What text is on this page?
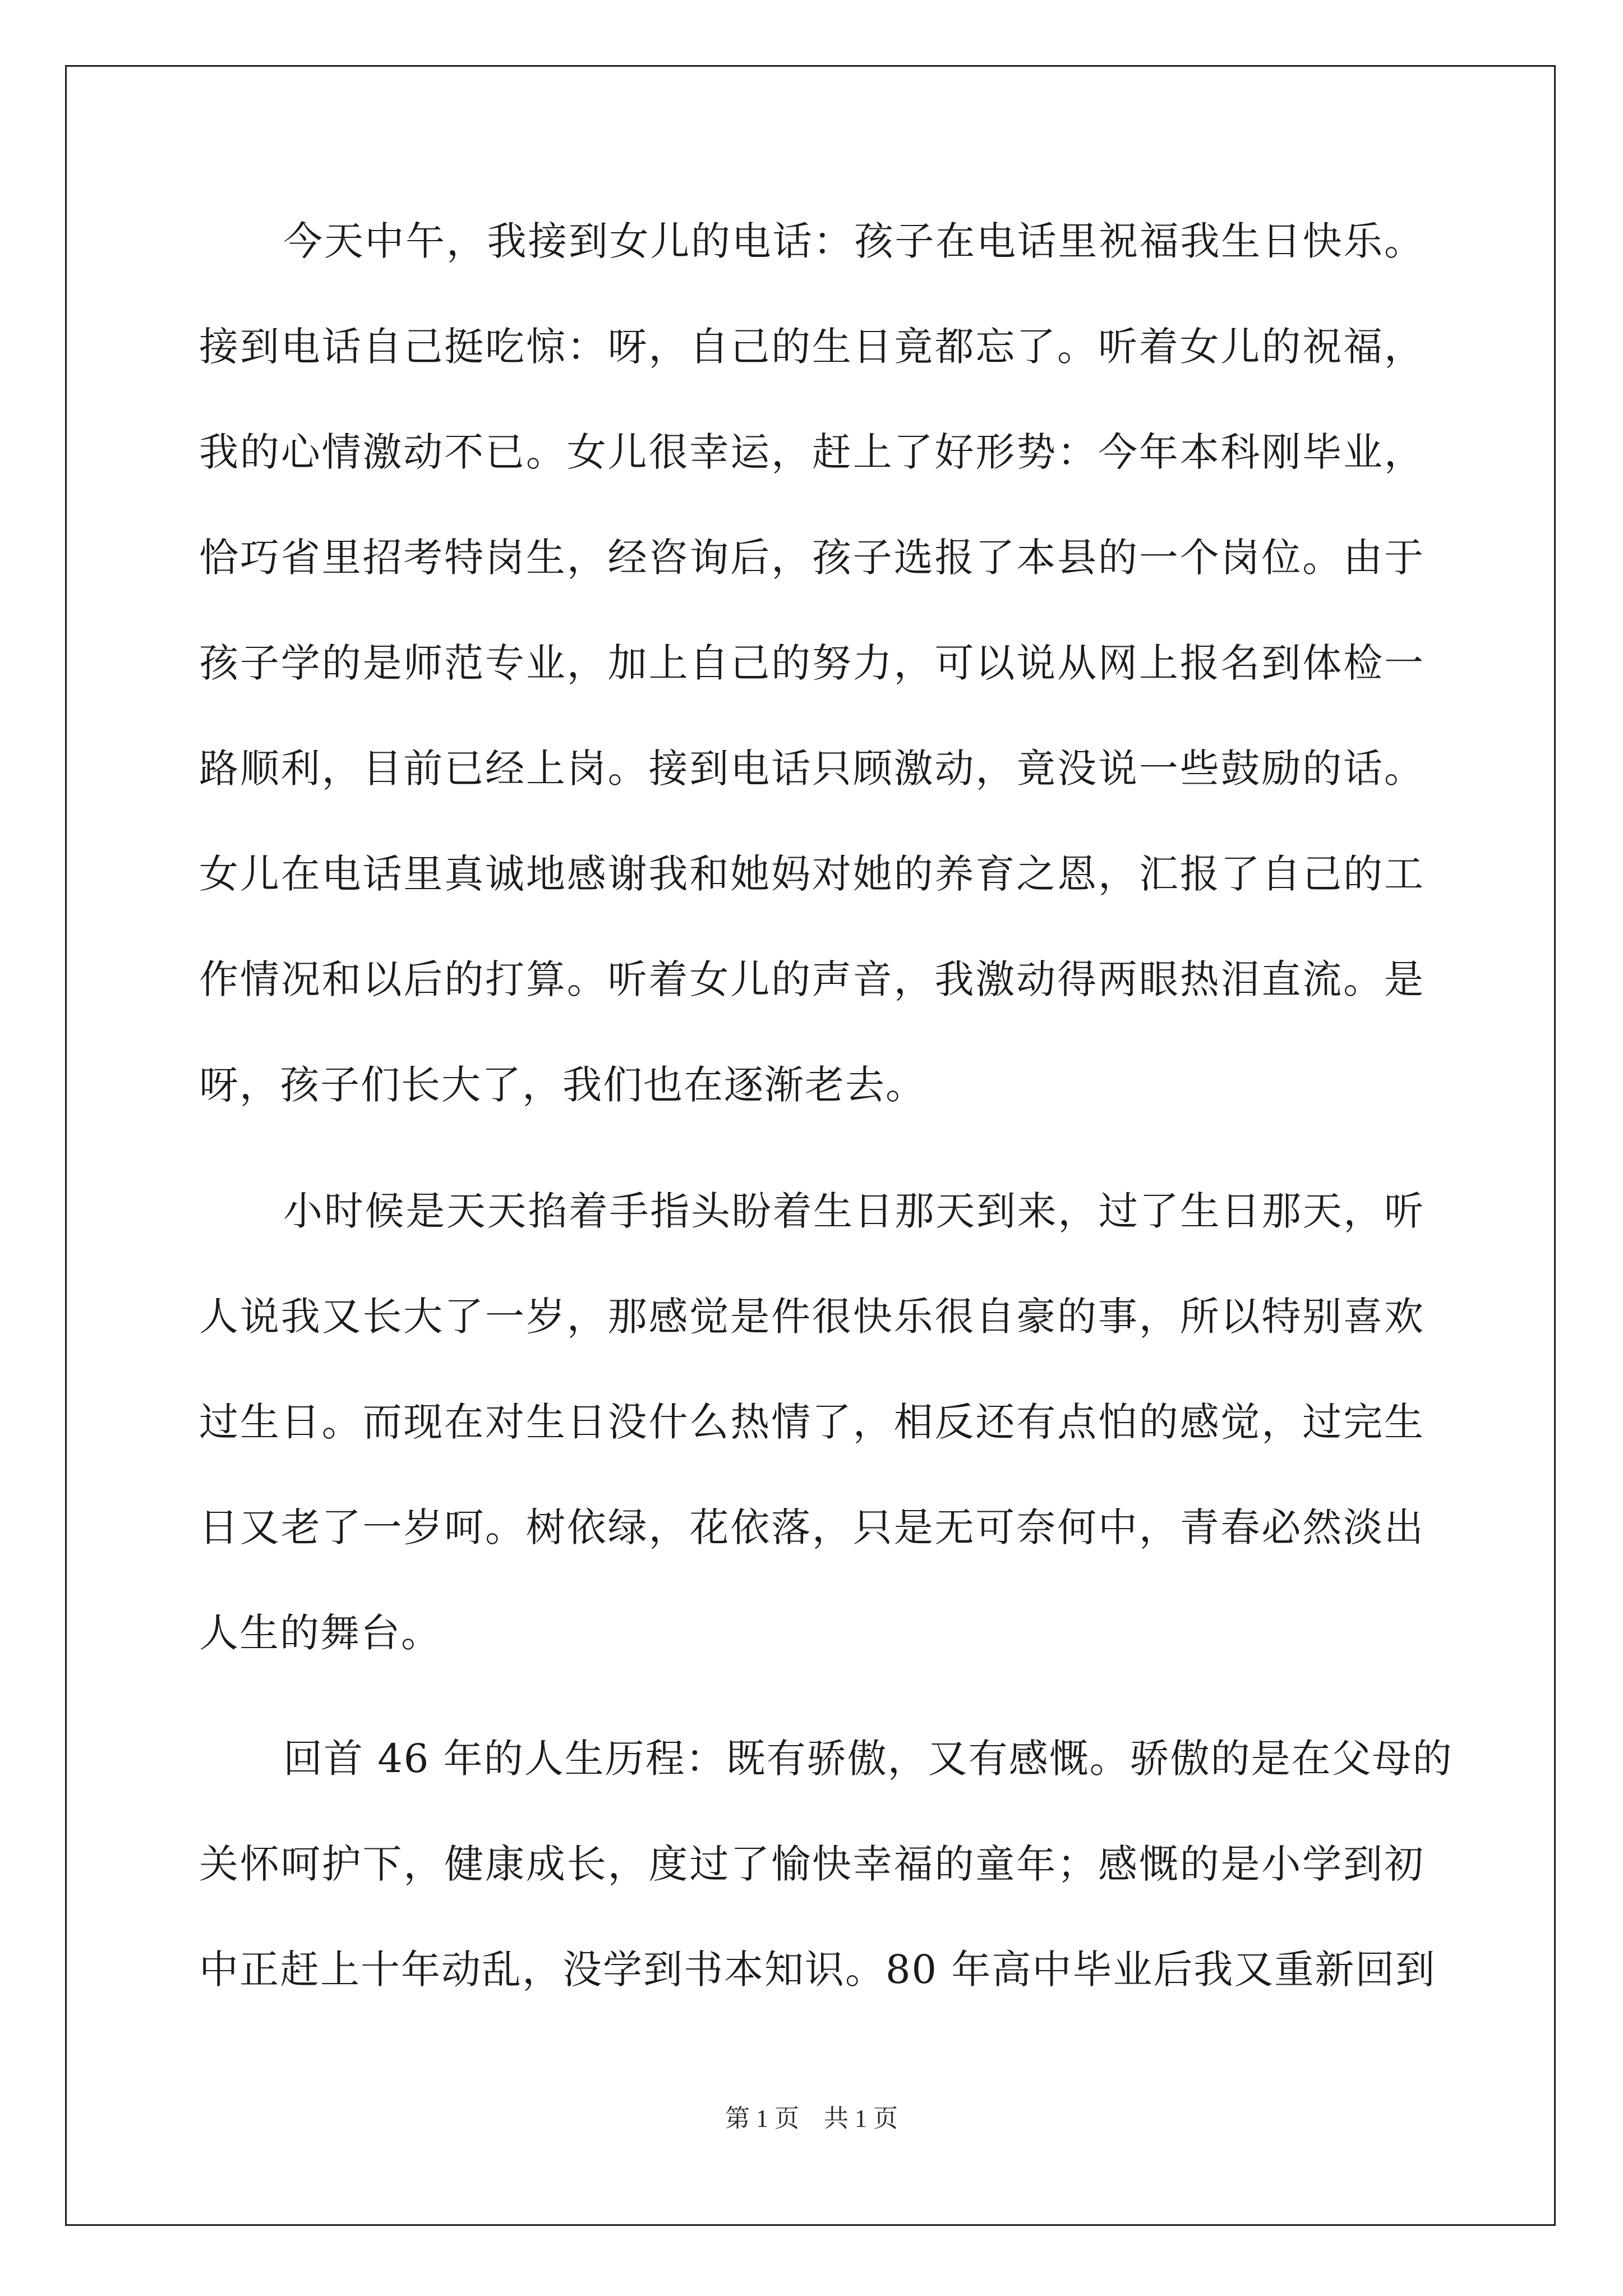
今天中午，我接到女儿的电话：孩子在电话里祝福我生日快乐。
接到电话自己挺吃惊：呀，自己的生日竟都忘了。听着女儿的祝福，
我的心情激动不已。女儿很幸运，赶上了好形势：今年本科刚毕业，
恰巧省里招考特岗生，经咨询后，孩子选报了本县的一个岗位。由于
孩子学的是师范专业，加上自己的努力，可以说从网上报名到体检一
路顺利，目前已经上岗。接到电话只顾激动，竟没说一些鼓励的话。
女儿在电话里真诚地感谢我和她妈对她的养育之恩，汇报了自己的工
作情况和以后的打算。听着女儿的声音，我激动得两眼热泪直流。是
呀，孩子们长大了，我们也在逐渐老去。
小时候是天天掐着手指头盼着生日那天到来，过了生日那天，听
人说我又长大了一岁，那感觉是件很快乐很自豪的事，所以特别喜欢
过生日。而现在对生日没什么热情了，相反还有点怕的感觉，过完生
日又老了一岁呵。树依绿，花依落，只是无可奈何中，青春必然淡出
人生的舞台。
回首 46 年的人生历程：既有骄傲，又有感慨。骄傲的是在父母的
关怀呵护下，健康成长，度过了愉快幸福的童年；感慨的是小学到初
中正赶上十年动乱，没学到书本知识。80 年高中毕业后我又重新回到
第 1 页 共 1 页
